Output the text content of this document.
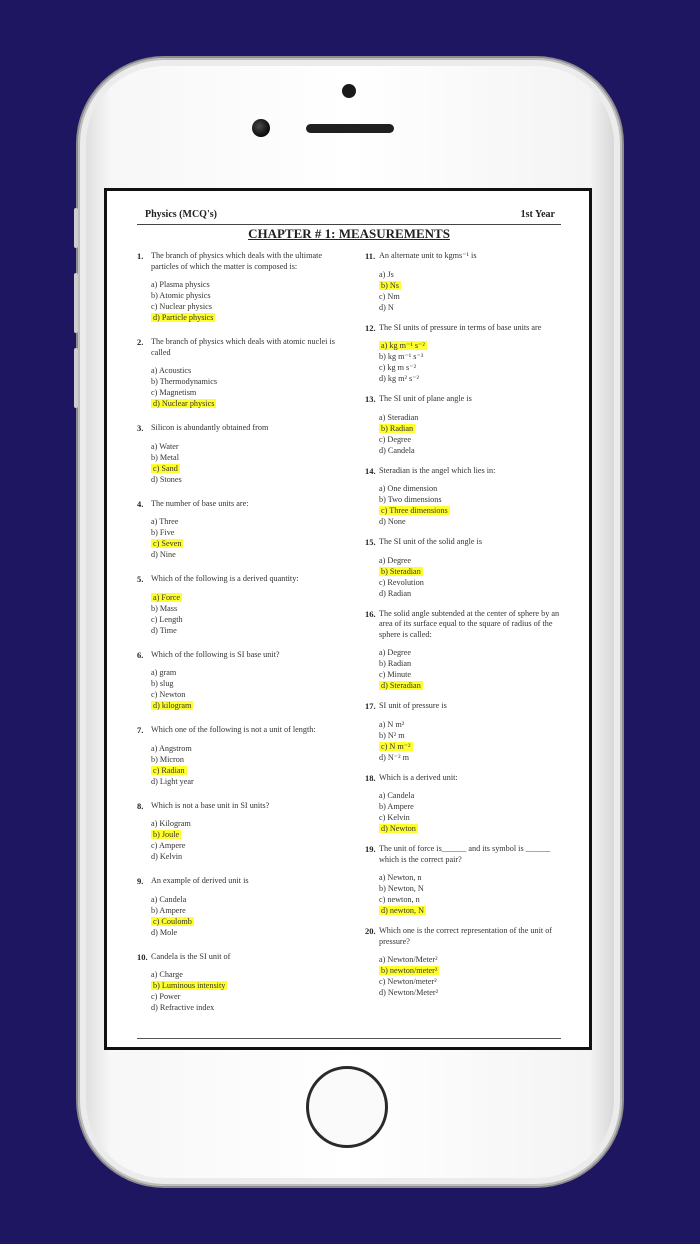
Physics (MCQ's)	1st Year
CHAPTER # 1: MEASUREMENTS
1. The branch of physics which deals with the ultimate particles of which the matter is composed is:
a) Plasma physics
b) Atomic physics
c) Nuclear physics
d) Particle physics
2. The branch of physics which deals with atomic nuclei is called
a) Acoustics
b) Thermodynamics
c) Magnetism
d) Nuclear physics
3. Silicon is abundantly obtained from
a) Water
b) Metal
c) Sand
d) Stones
4. The number of base units are:
a) Three
b) Five
c) Seven
d) Nine
5. Which of the following is a derived quantity:
a) Force
b) Mass
c) Length
d) Time
6. Which of the following is SI base unit?
a) gram
b) slug
c) Newton
d) kilogram
7. Which one of the following is not a unit of length:
a) Angstrom
b) Micron
c) Radian
d) Light year
8. Which is not a base unit in SI units?
a) Kilogram
b) Joule
c) Ampere
d) Kelvin
9. An example of derived unit is
a) Candela
b) Ampere
c) Coulomb
d) Mole
10. Candela is the SI unit of
a) Charge
b) Luminous intensity
c) Power
d) Refractive index
11. An alternate unit to kgms⁻¹ is
a) Js
b) Ns
c) Nm
d) N
12. The SI units of pressure in terms of base units are
a) kg m⁻¹ s⁻²
b) kg m⁻¹ s⁻³
c) kg m s⁻²
d) kg m² s⁻²
13. The SI unit of plane angle is
a) Steradian
b) Radian
c) Degree
d) Candela
14. Steradian is the angel which lies in:
a) One dimension
b) Two dimensions
c) Three dimensions
d) None
15. The SI unit of the solid angle is
a) Degree
b) Steradian
c) Revolution
d) Radian
16. The solid angle subtended at the center of sphere by an area of its surface equal to the square of radius of the sphere is called:
a) Degree
b) Radian
c) Minute
d) Steradian
17. SI unit of pressure is
a) N m²
b) N² m
c) N m⁻²
d) N⁻² m
18. Which is a derived unit:
a) Candela
b) Ampere
c) Kelvin
d) Newton
19. The unit of force is______ and its symbol is ______ which is the correct pair?
a) Newton, n
b) Newton, N
c) newton, n
d) newton, N
20. Which one is the correct representation of the unit of pressure?
a) Newton/Meter²
b) newton/meter²
c) Newton/meter²
d) Newton/Meter²
